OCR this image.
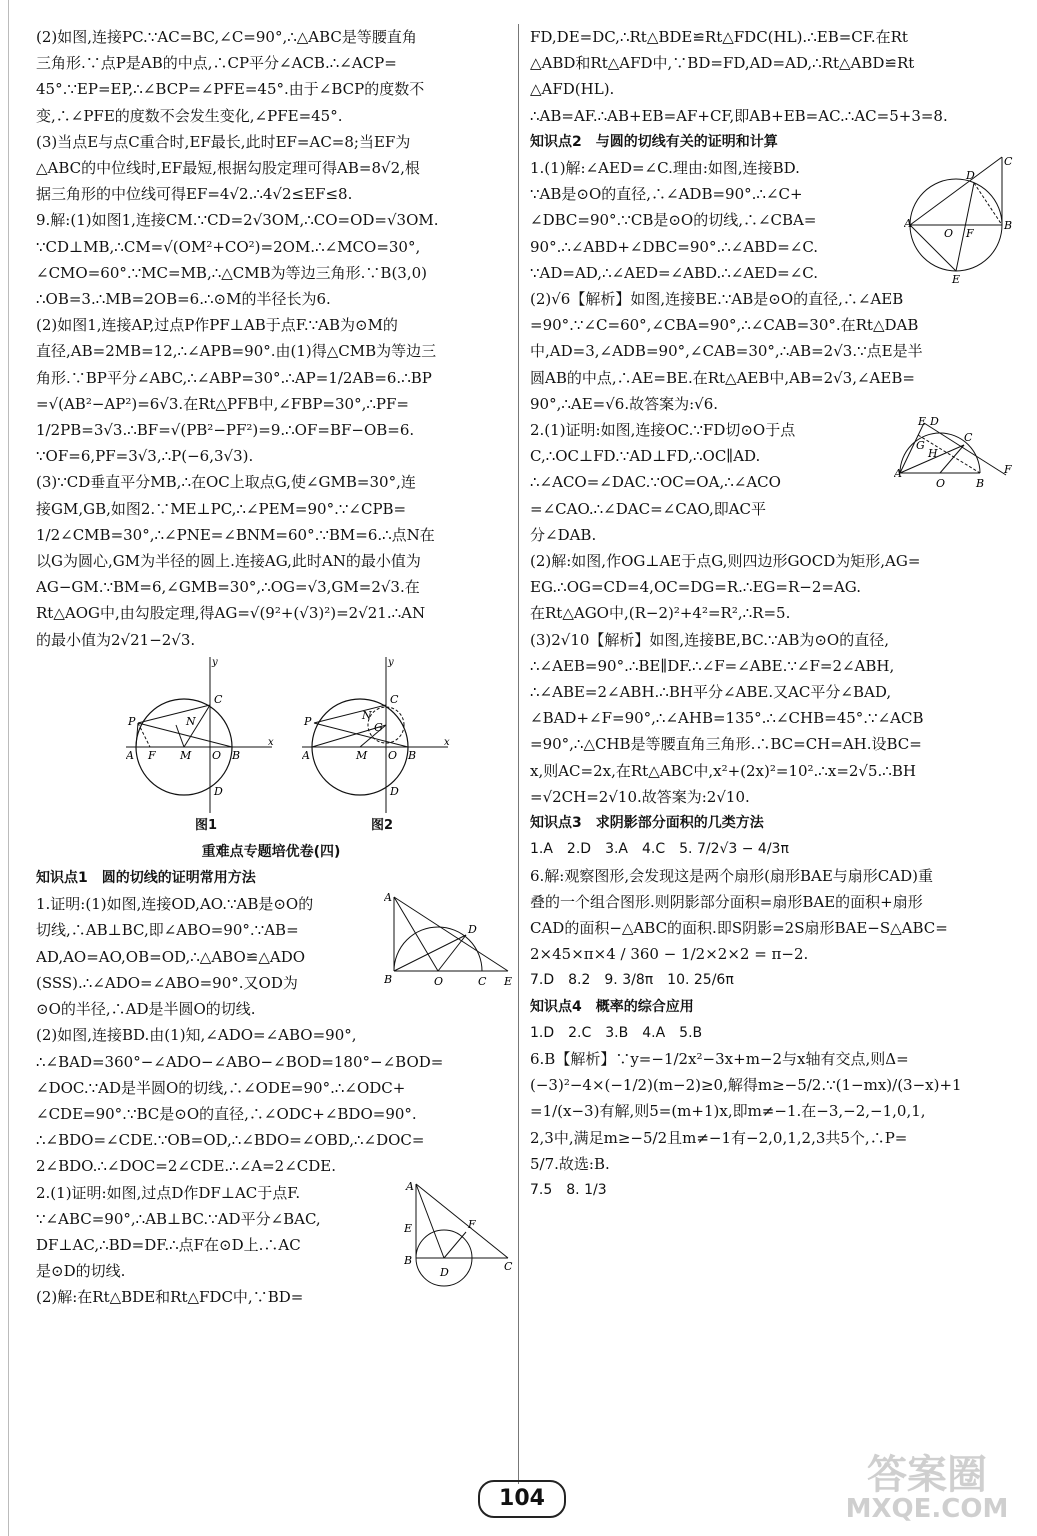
(2)如图,连接PC.∵AC=BC,∠C=90°,∴△ABC是等腰直角
三角形.∵点P是AB的中点,∴CP平分∠ACB.∴∠ACP=
45°.∵EP=EP,∴∠BCP=∠PFE=45°.由于∠BCP的度数不
变,∴∠PFE的度数不会发生变化,∠PFE=45°.
(3)当点E与点C重合时,EF最长,此时EF=AC=8;当EF为
△ABC的中位线时,EF最短,根据勾股定理可得AB=8√2,根
据三角形的中位线可得EF=4√2.∴4√2≤EF≤8.
9.解:(1)如图1,连接CM.∵CD=2√3OM,∴CO=OD=√3OM.
∵CD⊥MB,∴CM=√(OM²+CO²)=2OM.∴∠MCO=30°,
∠CMO=60°.∵MC=MB,∴△CMB为等边三角形.∵B(3,0)
∴OB=3.∴MB=2OB=6.∴⊙M的半径长为6.
(2)如图1,连接AP,过点P作PF⊥AB于点F.∵AB为⊙M的
直径,AB=2MB=12,∴∠APB=90°.由(1)得△CMB为等边三
角形.∵BP平分∠ABC,∴∠ABP=30°.∴AP=1/2AB=6.∴BP
=√(AB²−AP²)=6√3.在Rt△PFB中,∠FBP=30°,∴PF=
1/2PB=3√3.∴BF=√(PB²−PF²)=9.∴OF=BF−OB=6.
∵OF=6,PF=3√3,∴P(−6,3√3).
(3)∵CD垂直平分MB,∴在OC上取点G,使∠GMB=30°,连
接GM,GB,如图2.∵ME⊥PC,∴∠PEM=90°.∵∠CPB=
1/2∠CMB=30°,∴∠PNE=∠BNM=60°.∵BM=6.∴点N在
以G为圆心,GM为半径的圆上.连接AG,此时AN的最小值为
AG−GM.∵BM=6,∠GMB=30°,∴OG=√3,GM=2√3.在
Rt△AOG中,由勾股定理,得AG=√(9²+(√3)²)=2√21.∴AN
的最小值为2√21−2√3.
P
A F M O B
C
D
N
x
y
P
A	M O B
C
D
G
N
x
y
图1	图2
重难点专题培优卷(四)
知识点1　圆的切线的证明常用方法
A
B	O	C
D
E
1.证明:(1)如图,连接OD,AO.∵AB是⊙O的
切线,∴AB⊥BC,即∠ABO=90°.∵AB=
AD,AO=AO,OB=OD,∴△ABO≌△ADO
(SSS).∴∠ADO=∠ABO=90°.又OD为
⊙O的半径,∴AD是半圆O的切线.
(2)如图,连接BD.由(1)知,∠ADO=∠ABO=90°,
∴∠BAD=360°−∠ADO−∠ABO−∠BOD=180°−∠BOD=
∠DOC.∵AD是半圆O的切线,∴∠ODE=90°.∴∠ODC+
∠CDE=90°.∵BC是⊙O的直径,∴∠ODC+∠BDO=90°.
∴∠BDO=∠CDE.∵OB=OD,∴∠BDO=∠OBD,∴∠DOC=
2∠BDO.∴∠DOC=2∠CDE.∴∠A=2∠CDE.
A
E
B
D
F
C
2.(1)证明:如图,过点D作DF⊥AC于点F.
∵∠ABC=90°,∴AB⊥BC.∵AD平分∠BAC,
DF⊥AC,∴BD=DF.∴点F在⊙D上.∴AC
是⊙D的切线.
(2)解:在Rt△BDE和Rt△FDC中,∵BD=
FD,DE=DC,∴Rt△BDE≌Rt△FDC(HL).∴EB=CF.在Rt
△ABD和Rt△AFD中,∵BD=FD,AD=AD,∴Rt△ABD≌Rt
△AFD(HL).
∴AB=AF.∴AB+EB=AF+CF,即AB+EB=AC.∴AC=5+3=8.
知识点2　与圆的切线有关的证明和计算
A	B
C
D
E
O F
1.(1)解:∠AED=∠C.理由:如图,连接BD.
∵AB是⊙O的直径,∴∠ADB=90°.∴∠C+
∠DBC=90°.∵CB是⊙O的切线,∴∠CBA=
90°.∴∠ABD+∠DBC=90°.∴∠ABD=∠C.
∵AD=AD,∴∠AED=∠ABD.∴∠AED=∠C.
(2)√6【解析】如图,连接BE.∵AB是⊙O的直径,∴∠AEB
=90°.∵∠C=60°,∠CBA=90°,∴∠CAB=30°.在Rt△DAB
中,AD=3,∠ADB=90°,∠CAB=30°,∴AB=2√3.∵点E是半
圆AB的中点,∴AE=BE.在Rt△AEB中,AB=2√3,∠AEB=
90°,∴AE=√6.故答案为:√6.
A
O	B
F
E D
C
G
H
2.(1)证明:如图,连接OC.∵FD切⊙O于点
C,∴OC⊥FD.∵AD⊥FD,∴OC∥AD.
∴∠ACO=∠DAC.∵OC=OA,∴∠ACO
=∠CAO.∴∠DAC=∠CAO,即AC平
分∠DAB.
(2)解:如图,作OG⊥AE于点G,则四边形GOCD为矩形,AG=
EG.∴OG=CD=4,OC=DG=R.∴EG=R−2=AG.
在Rt△AGO中,(R−2)²+4²=R²,∴R=5.
(3)2√10【解析】如图,连接BE,BC.∵AB为⊙O的直径,
∴∠AEB=90°.∴BE∥DF.∴∠F=∠ABE.∵∠F=2∠ABH,
∴∠ABE=2∠ABH.∴BH平分∠ABE.又AC平分∠BAD,
∠BAD+∠F=90°,∴∠AHB=135°.∴∠CHB=45°.∵∠ACB
=90°,∴△CHB是等腰直角三角形.∴BC=CH=AH.设BC=
x,则AC=2x,在Rt△ABC中,x²+(2x)²=10².∴x=2√5.∴BH
=√2CH=2√10.故答案为:2√10.
知识点3　求阴影部分面积的几类方法
1.A　2.D　3.A　4.C　5. 7/2√3 − 4/3π
6.解:观察图形,会发现这是两个扇形(扇形BAE与扇形CAD)重
叠的一个组合图形.则阴影部分面积=扇形BAE的面积+扇形
CAD的面积−△ABC的面积.即S阴影=2S扇形BAE−S△ABC=
2×45×π×4 / 360 − 1/2×2×2 = π−2.
7.D　8.2　9. 3/8π　10. 25/6π
知识点4　概率的综合应用
1.D　2.C　3.B　4.A　5.B
6.B【解析】∵y=−1/2x²−3x+m−2与x轴有交点,则Δ=
(−3)²−4×(−1/2)(m−2)≥0,解得m≥−5/2.∵(1−mx)/(3−x)+1
=1/(x−3)有解,则5=(m+1)x,即m≠−1.在−3,−2,−1,0,1,
2,3中,满足m≥−5/2且m≠−1有−2,0,1,2,3共5个,∴P=
5/7.故选:B.
7.5　8. 1/3
104
答案圈
MXQE.COM
